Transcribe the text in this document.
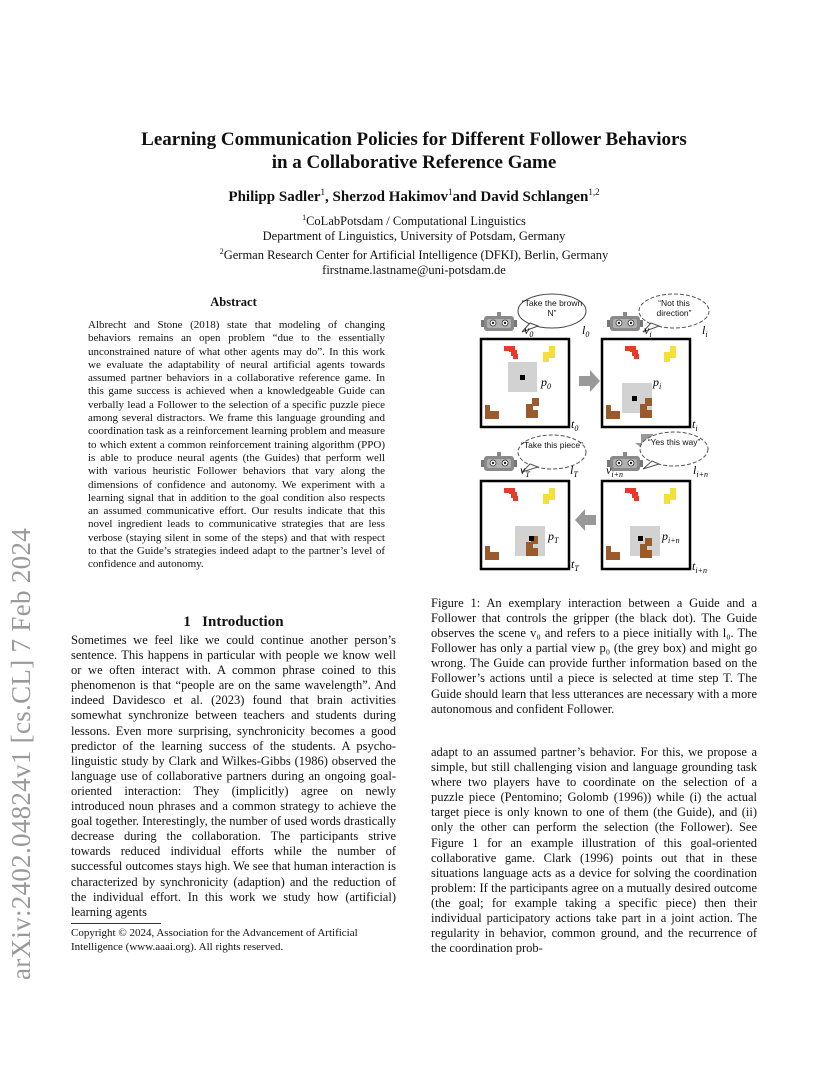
arXiv:2402.04824v1 [cs.CL] 7 Feb 2024
Learning Communication Policies for Different Follower Behaviors
in a Collaborative Reference Game
Philipp Sadler$^1$, Sherzod Hakimov$^1$and David Schlangen$^{1,2}$
$^1$CoLabPotsdam / Computational Linguistics
Department of Linguistics, University of Potsdam, Germany
$^2$German Research Center for Artificial Intelligence (DFKI), Berlin, Germany
firstname.lastname@uni-potsdam.de
Abstract
Albrecht and Stone (2018) state that modeling of changing behaviors remains an open problem “due to the essentially unconstrained nature of what other agents may do”. In this work we evaluate the adaptability of neural artificial agents towards assumed partner behaviors in a collaborative reference game. In this game success is achieved when a knowledgeable Guide can verbally lead a Follower to the selection of a specific puzzle piece among several distractors. We frame this language grounding and coordination task as a reinforcement learning problem and measure to which extent a common reinforcement training algorithm (PPO) is able to produce neural agents (the Guides) that perform well with various heuristic Follower behaviors that vary along the dimensions of confidence and autonomy. We experiment with a learning signal that in addition to the goal condition also respects an assumed communicative effort. Our results indicate that this novel ingredient leads to communicative strategies that are less verbose (staying silent in some of the steps) and that with respect to that the Guide’s strategies indeed adapt to the partner’s level of confidence and autonomy.
1 Introduction
Sometimes we feel like we could continue another person’s sentence. This happens in particular with people we know well or we often interact with. A common phrase coined to this phenomenon is that “people are on the same wavelength”. And indeed Davidesco et al. (2023) found that brain activities somewhat synchronize between teachers and students during lessons. Even more surprising, synchronicity becomes a good predictor of the learning success of the students. A psycho-linguistic study by Clark and Wilkes-Gibbs (1986) observed the language use of collaborative partners during an ongoing goal-oriented interaction: They (implicitly) agree on newly introduced noun phrases and a common strategy to achieve the goal together. Interestingly, the number of used words drastically decrease during the collaboration. The participants strive towards reduced individual efforts while the number of successful outcomes stays high. We see that human interaction is characterized by synchronicity (adaption) and the reduction of the individual effort. In this work we study how (artificial) learning agents
Copyright © 2024, Association for the Advancement of Artificial Intelligence (www.aaai.org). All rights reserved.
“Take the brown N”
$v_0$	$l_0$
$p_0$
$t_0$
“Not this direction”
$v_i$	$l_i$
$p_i$
$t_i$
“Take this piece”
$v_T$	$l_T$
$p_T$
$t_T$
“Yes this way”
$v_{i+n}$	$l_{i+n}$
$p_{i+n}$
$t_{i+n}$
Figure 1: An exemplary interaction between a Guide and a Follower that controls the gripper (the black dot). The Guide observes the scene v₀ and refers to a piece initially with l₀. The Follower has only a partial view p₀ (the grey box) and might go wrong. The Guide can provide further information based on the Follower’s actions until a piece is selected at time step T. The Guide should learn that less utterances are necessary with a more autonomous and confident Follower.
adapt to an assumed partner’s behavior. For this, we propose a simple, but still challenging vision and language grounding task where two players have to coordinate on the selection of a puzzle piece (Pentomino; Golomb (1996)) while (i) the actual target piece is only known to one of them (the Guide), and (ii) only the other can perform the selection (the Follower). See Figure 1 for an example illustration of this goal-oriented collaborative game. Clark (1996) points out that in these situations language acts as a device for solving the coordination problem: If the participants agree on a mutually desired outcome (the goal; for example taking a specific piece) then their individual participatory actions take part in a joint action. The regularity in behavior, common ground, and the recurrence of the coordination prob-
